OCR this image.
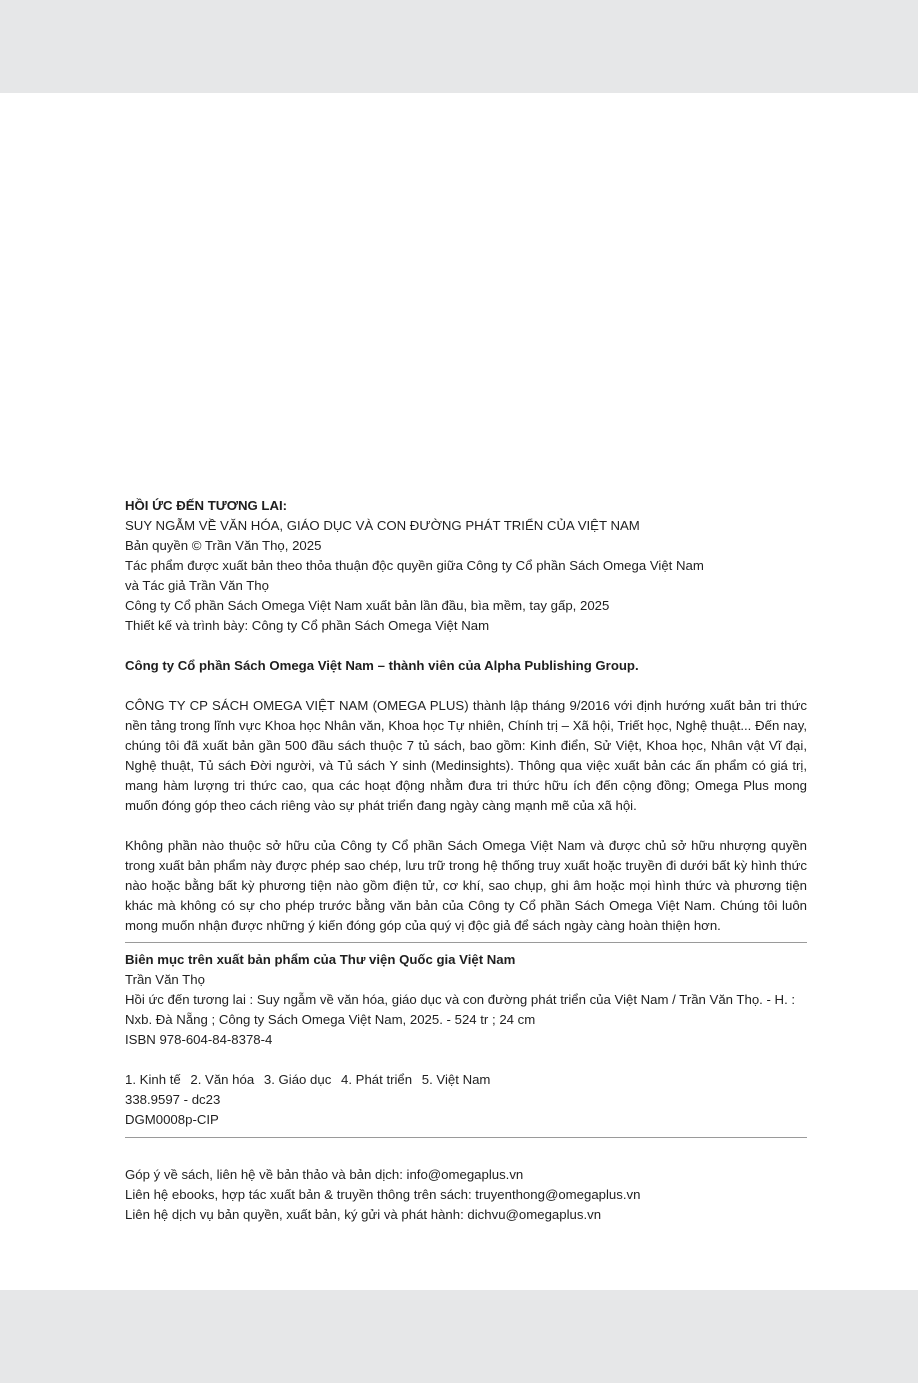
HỒI ỨC ĐẾN TƯƠNG LAI:
SUY NGẪM VỀ VĂN HÓA, GIÁO DỤC VÀ CON ĐƯỜNG PHÁT TRIỂN CỦA VIỆT NAM
Bản quyền © Trần Văn Thọ, 2025
Tác phẩm được xuất bản theo thỏa thuận độc quyền giữa Công ty Cổ phần Sách Omega Việt Nam
và Tác giả Trần Văn Thọ
Công ty Cổ phần Sách Omega Việt Nam xuất bản lần đầu, bìa mềm, tay gấp, 2025
Thiết kế và trình bày: Công ty Cổ phần Sách Omega Việt Nam
Công ty Cổ phần Sách Omega Việt Nam – thành viên của Alpha Publishing Group.
CÔNG TY CP SÁCH OMEGA VIỆT NAM (OMEGA PLUS) thành lập tháng 9/2016 với định hướng xuất bản tri thức nền tảng trong lĩnh vực Khoa học Nhân văn, Khoa học Tự nhiên, Chính trị – Xã hội, Triết học, Nghệ thuật... Đến nay, chúng tôi đã xuất bản gần 500 đầu sách thuộc 7 tủ sách, bao gồm: Kinh điển, Sử Việt, Khoa học, Nhân vật Vĩ đại, Nghệ thuật, Tủ sách Đời người, và Tủ sách Y sinh (Medinsights). Thông qua việc xuất bản các ấn phẩm có giá trị, mang hàm lượng tri thức cao, qua các hoạt động nhằm đưa tri thức hữu ích đến cộng đồng; Omega Plus mong muốn đóng góp theo cách riêng vào sự phát triển đang ngày càng mạnh mẽ của xã hội.
Không phần nào thuộc sở hữu của Công ty Cổ phần Sách Omega Việt Nam và được chủ sở hữu nhượng quyền trong xuất bản phẩm này được phép sao chép, lưu trữ trong hệ thống truy xuất hoặc truyền đi dưới bất kỳ hình thức nào hoặc bằng bất kỳ phương tiện nào gồm điện tử, cơ khí, sao chụp, ghi âm hoặc mọi hình thức và phương tiện khác mà không có sự cho phép trước bằng văn bản của Công ty Cổ phần Sách Omega Việt Nam. Chúng tôi luôn mong muốn nhận được những ý kiến đóng góp của quý vị độc giả để sách ngày càng hoàn thiện hơn.
Biên mục trên xuất bản phẩm của Thư viện Quốc gia Việt Nam
Trần Văn Thọ
Hồi ức đến tương lai : Suy ngẫm về văn hóa, giáo dục và con đường phát triển của Việt Nam / Trần Văn Thọ. - H. :
Nxb. Đà Nẵng ; Công ty Sách Omega Việt Nam, 2025. - 524 tr ; 24 cm
ISBN 978-604-84-8378-4
1. Kinh tế 2. Văn hóa 3. Giáo dục 4. Phát triển 5. Việt Nam
338.9597 - dc23
DGM0008p-CIP
Góp ý về sách, liên hệ về bản thảo và bản dịch: info@omegaplus.vn
Liên hệ ebooks, hợp tác xuất bản & truyền thông trên sách: truyenthong@omegaplus.vn
Liên hệ dịch vụ bản quyền, xuất bản, ký gửi và phát hành: dichvu@omegaplus.vn
